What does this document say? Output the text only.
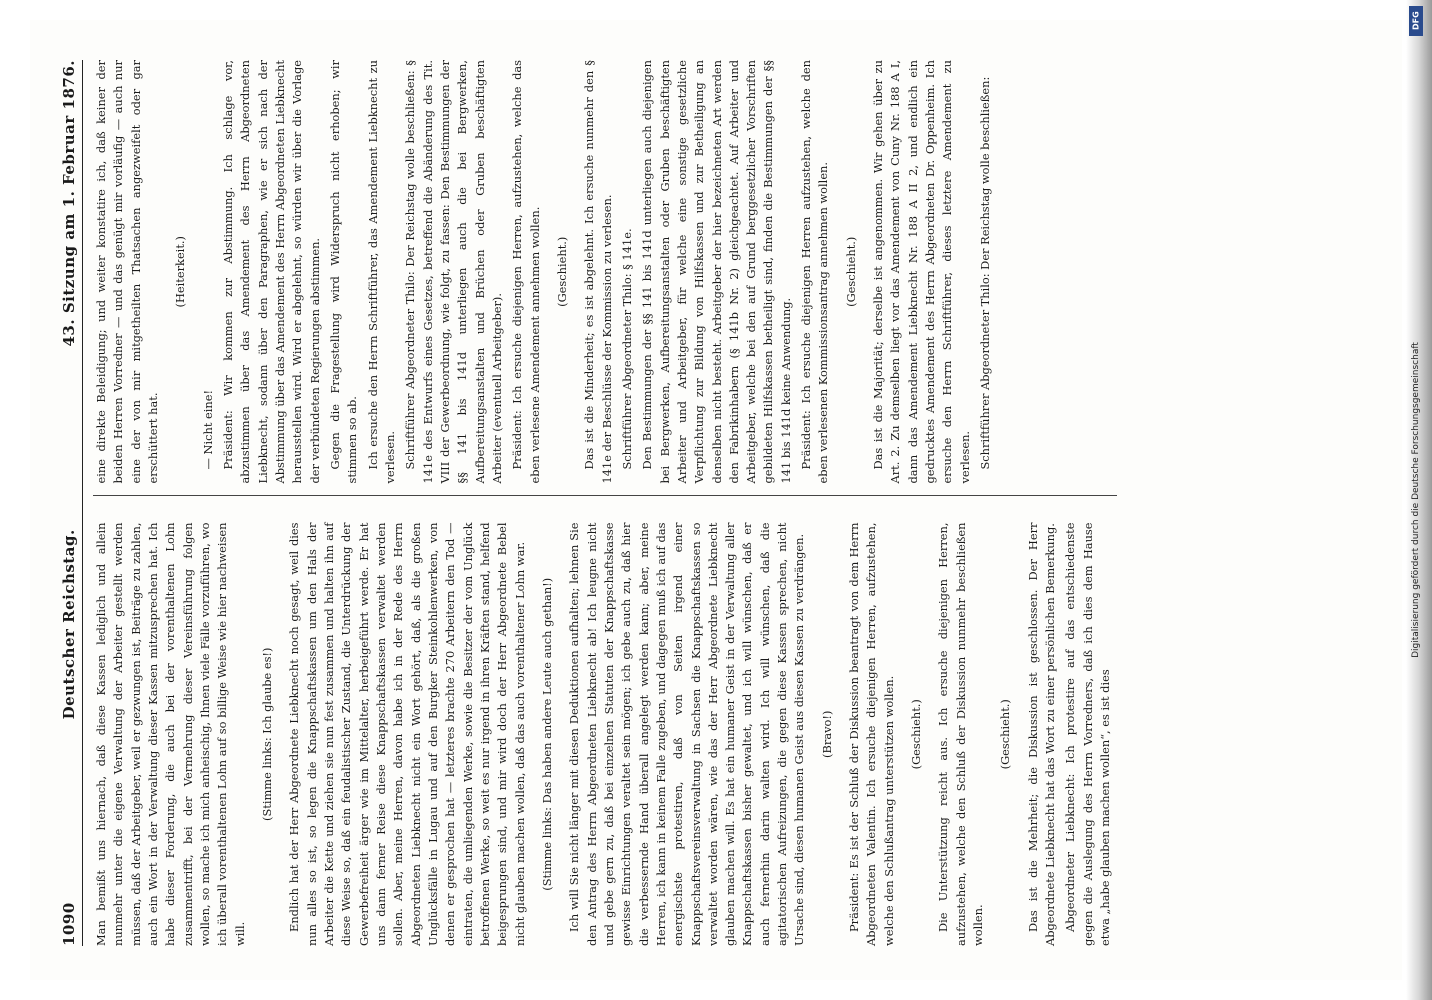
1090
Deutscher Reichstag.
43. Sitzung am 1. Februar 1876.

Man bemißt uns hiernach, daß diese Kassen lediglich und allein nunmehr unter die eigene Verwaltung der Arbeiter gestellt werden müssen, daß der Arbeitgeber, weil er gezwungen ist, Beiträge zu zahlen, auch ein Wort in der Verwaltung dieser Kassen mitzusprechen hat. Ich habe dieser Forderung, die auch bei der vorenthaltenen Lohn zusammentrifft, bei der Vermehrung dieser Vereinsführung folgen wollen, so mache ich mich anheischig, Ihnen viele Fälle vorzuführen, wo ich überall vorenthaltenen Lohn auf so billige Weise wie hier nachweisen will.

(Stimme links: Ich glaube es!) Endlich hat der Herr Abgeordnete Liebknecht noch gesagt, weil dies nun alles so ist, so legen die Knappschaftskassen um den Hals der Arbeiter die Kette und ziehen sie nun fest zusammen und halten ihn auf diese Weise so, daß ein feudalistischer Zustand, die Unterdrückung der Gewerbefreiheit ärger wie im Mittelalter, herbeigeführt werde. Er hat uns dann ferner Reise diese Knappschaftskassen verwaltet werden sollen. Aber, meine Herren, davon habe ich in der Rede des Herrn Abgeordneten Liebknecht nicht ein Wort gehört, daß, als die großen Unglücksfälle in Lugau und auf den Burgker Steinkohlenwerken, von denen er gesprochen hat — letzteres brachte 270 Arbeitern den Tod — eintraten, die umliegenden Werke, sowie die Besitzer der vom Unglück betroffenen Werke, so weit es nur irgend in ihren Kräften stand, helfend beigesprungen sind, und mir wird doch der Herr Abgeordnete Bebel nicht glauben machen wollen, daß das auch vorenthaltener Lohn war. (Stimme links: Das haben andere Leute auch gethan!) Ich will Sie nicht länger mit diesen Deduktionen aufhalten; lehnen Sie den Antrag des Herrn Abgeordneten Liebknecht ab! Ich leugne nicht und gebe gern zu, daß bei einzelnen Statuten der Knappschaftskasse gewisse Einrichtungen veraltet sein mögen; ich gebe auch zu, daß hier die verbessernde Hand überall angelegt werden kann; aber, meine Herren, ich kann in keinem Falle zugeben, und dagegen muß ich auf das energischste protestiren, daß von Seiten irgend einer Knappschaftsvereinsverwaltung in Sachsen die Knappschaftskassen so verwaltet worden wären, wie das der Herr Abgeordnete Liebknecht glauben machen will. Es hat ein humaner Geist in der Verwaltung aller Knappschaftskassen bisher gewaltet, und ich will wünschen, daß er auch fernerhin darin walten wird. Ich will wünschen, daß die agitatorischen Aufreizungen, die gegen diese Kassen sprechen, nicht Ursache sind, diesen humanen Geist aus diesen Kassen zu verdrängen. (Bravo!) Präsident: Es ist der Schluß der Diskussion beantragt von dem Herrn Abgeordneten Valentin. Ich ersuche diejenigen Herren, aufzustehen, welche den Schlußantrag unterstützen wollen. (Geschieht.) Die Unterstützung reicht aus. Ich ersuche diejenigen Herren, aufzustehen, welche den Schluß der Diskussion nunmehr beschließen wollen.

(Geschieht.) Das ist die Mehrheit; die Diskussion ist geschlossen. Der Herr Abgeordnete Liebknecht hat das Wort zu einer persönlichen Bemerkung. Abgeordneter Liebknecht: Ich protestire auf das entschiedenste gegen die Auslegung des Herrn Vorredners, daß ich dies dem Hause etwa „habe glauben machen wollen“, es ist dies

eine direkte Beleidigung; und weiter konstatire ich, daß keiner der beiden Herren Vorredner — und das genügt mir vorläufig — auch nur eine der von mir mitgetheilten Thatsachen angezweifelt oder gar erschüttert hat.

(Heiterkeit.)

— Nicht eine! Präsident: Wir kommen zur Abstimmung. Ich schlage vor, abzustimmen über das Amendement des Herrn Abgeordneten Liebknecht, sodann über den Paragraphen, wie er sich nach der Abstimmung über das Amendement des Herrn Abgeordneten Liebknecht herausstellen wird. Wird er abgelehnt, so würden wir über die Vorlage der verbündeten Regierungen abstimmen. Gegen die Fragestellung wird Widerspruch nicht erhoben; wir stimmen so ab. Ich ersuche den Herrn Schriftführer, das Amendement Liebknecht zu verlesen. Schriftführer Abgeordneter Thilo: Der Reichstag wolle beschließen: § 141e des Entwurfs eines Gesetzes, betreffend die Abänderung des Tit. VIII der Gewerbeordnung, wie folgt, zu fassen: Den Bestimmungen der §§ 141 bis 141d unterliegen auch die bei Bergwerken, Aufbereitungsanstalten und Brüchen oder Gruben beschäftigten Arbeiter (eventuell Arbeitgeber). Präsident: Ich ersuche diejenigen Herren, aufzustehen, welche das eben verlesene Amendement annehmen wollen. (Geschieht.) Das ist die Minderheit; es ist abgelehnt. Ich ersuche nunmehr den § 141e der Beschlüsse der Kommission zu verlesen. Schriftführer Abgeordneter Thilo: § 141e. Den Bestimmungen der §§ 141 bis 141d unterliegen auch diejenigen bei Bergwerken, Aufbereitungsanstalten oder Gruben beschäftigten Arbeiter und Arbeitgeber, für welche eine sonstige gesetzliche Verpflichtung zur Bildung von Hilfskassen und zur Betheiligung an denselben nicht besteht. Arbeitgeber der hier bezeichneten Art werden den Fabrikinhabern (§ 141b Nr. 2) gleichgeachtet. Auf Arbeiter und Arbeitgeber, welche bei den auf Grund berggesetzlicher Vorschriften gebildeten Hilfskassen betheiligt sind, finden die Bestimmungen der §§ 141 bis 141d keine Anwendung. Präsident: Ich ersuche diejenigen Herren aufzustehen, welche den eben verlesenen Kommissionsantrag annehmen wollen. (Geschieht.) Das ist die Majorität; derselbe ist angenommen. Wir gehen über zu Art. 2. Zu demselben liegt vor das Amendement von Cuny Nr. 188 A I, dann das Amendement Liebknecht Nr. 188 A II 2, und endlich ein gedrucktes Amendement des Herrn Abgeordneten Dr. Oppenheim. Ich ersuche den Herrn Schriftführer, dieses letztere Amendement zu verlesen. Schriftführer Abgeordneter Thilo: Der Reichstag wolle beschließen:

Digitalisierung gefördert durch die Deutsche Forschungsgemeinschaft
DFG
